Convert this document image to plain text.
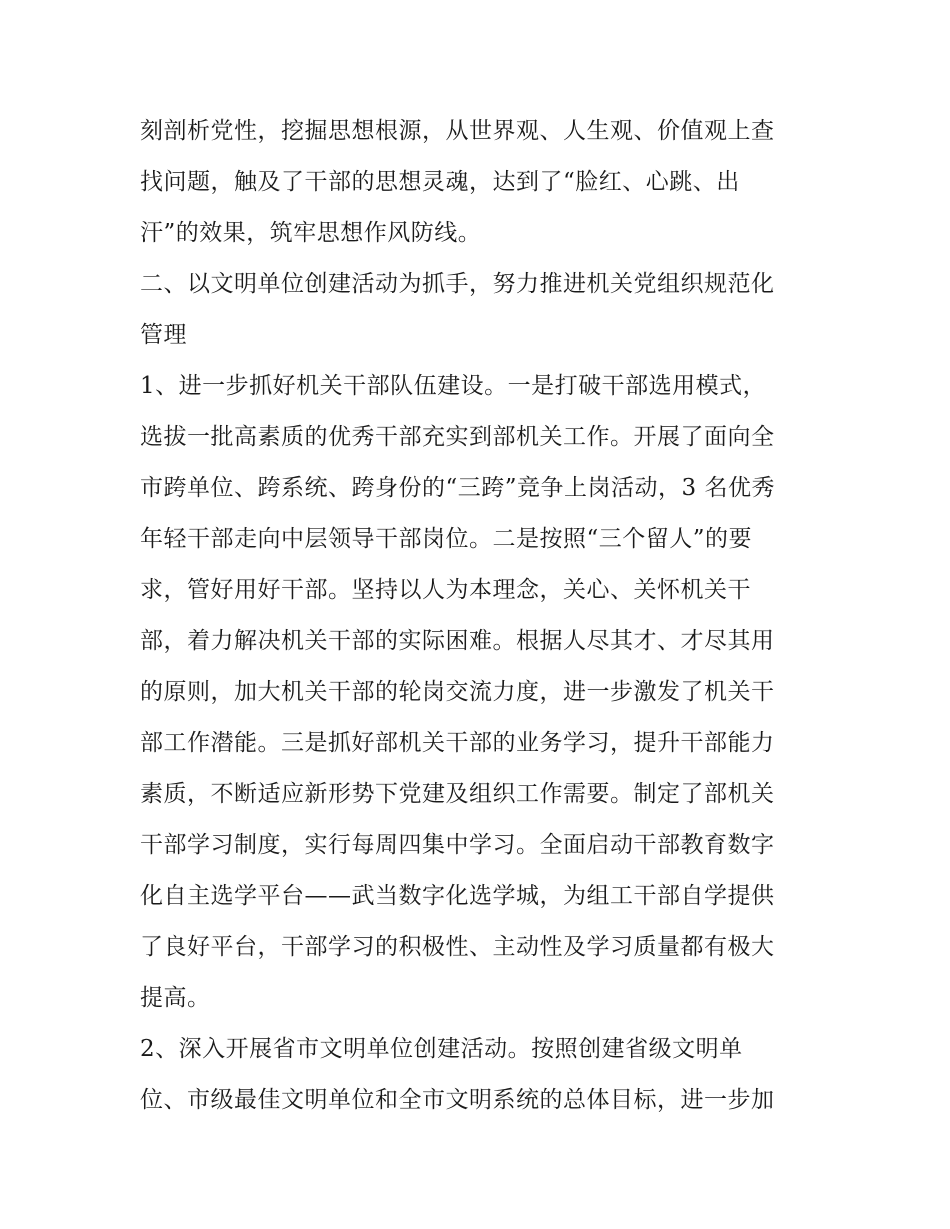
刻剖析党性，挖掘思想根源，从世界观、人生观、价值观上查
找问题，触及了干部的思想灵魂，达到了“脸红、心跳、出
汗”的效果，筑牢思想作风防线。
二、以文明单位创建活动为抓手，努力推进机关党组织规范化
管理
1、进一步抓好机关干部队伍建设。一是打破干部选用模式，
选拔一批高素质的优秀干部充实到部机关工作。开展了面向全
市跨单位、跨系统、跨身份的“三跨”竞争上岗活动，3 名优秀
年轻干部走向中层领导干部岗位。二是按照“三个留人”的要
求，管好用好干部。坚持以人为本理念，关心、关怀机关干
部，着力解决机关干部的实际困难。根据人尽其才、才尽其用
的原则，加大机关干部的轮岗交流力度，进一步激发了机关干
部工作潜能。三是抓好部机关干部的业务学习，提升干部能力
素质，不断适应新形势下党建及组织工作需要。制定了部机关
干部学习制度，实行每周四集中学习。全面启动干部教育数字
化自主选学平台——武当数字化选学城，为组工干部自学提供
了良好平台，干部学习的积极性、主动性及学习质量都有极大
提高。
2、深入开展省市文明单位创建活动。按照创建省级文明单
位、市级最佳文明单位和全市文明系统的总体目标，进一步加
